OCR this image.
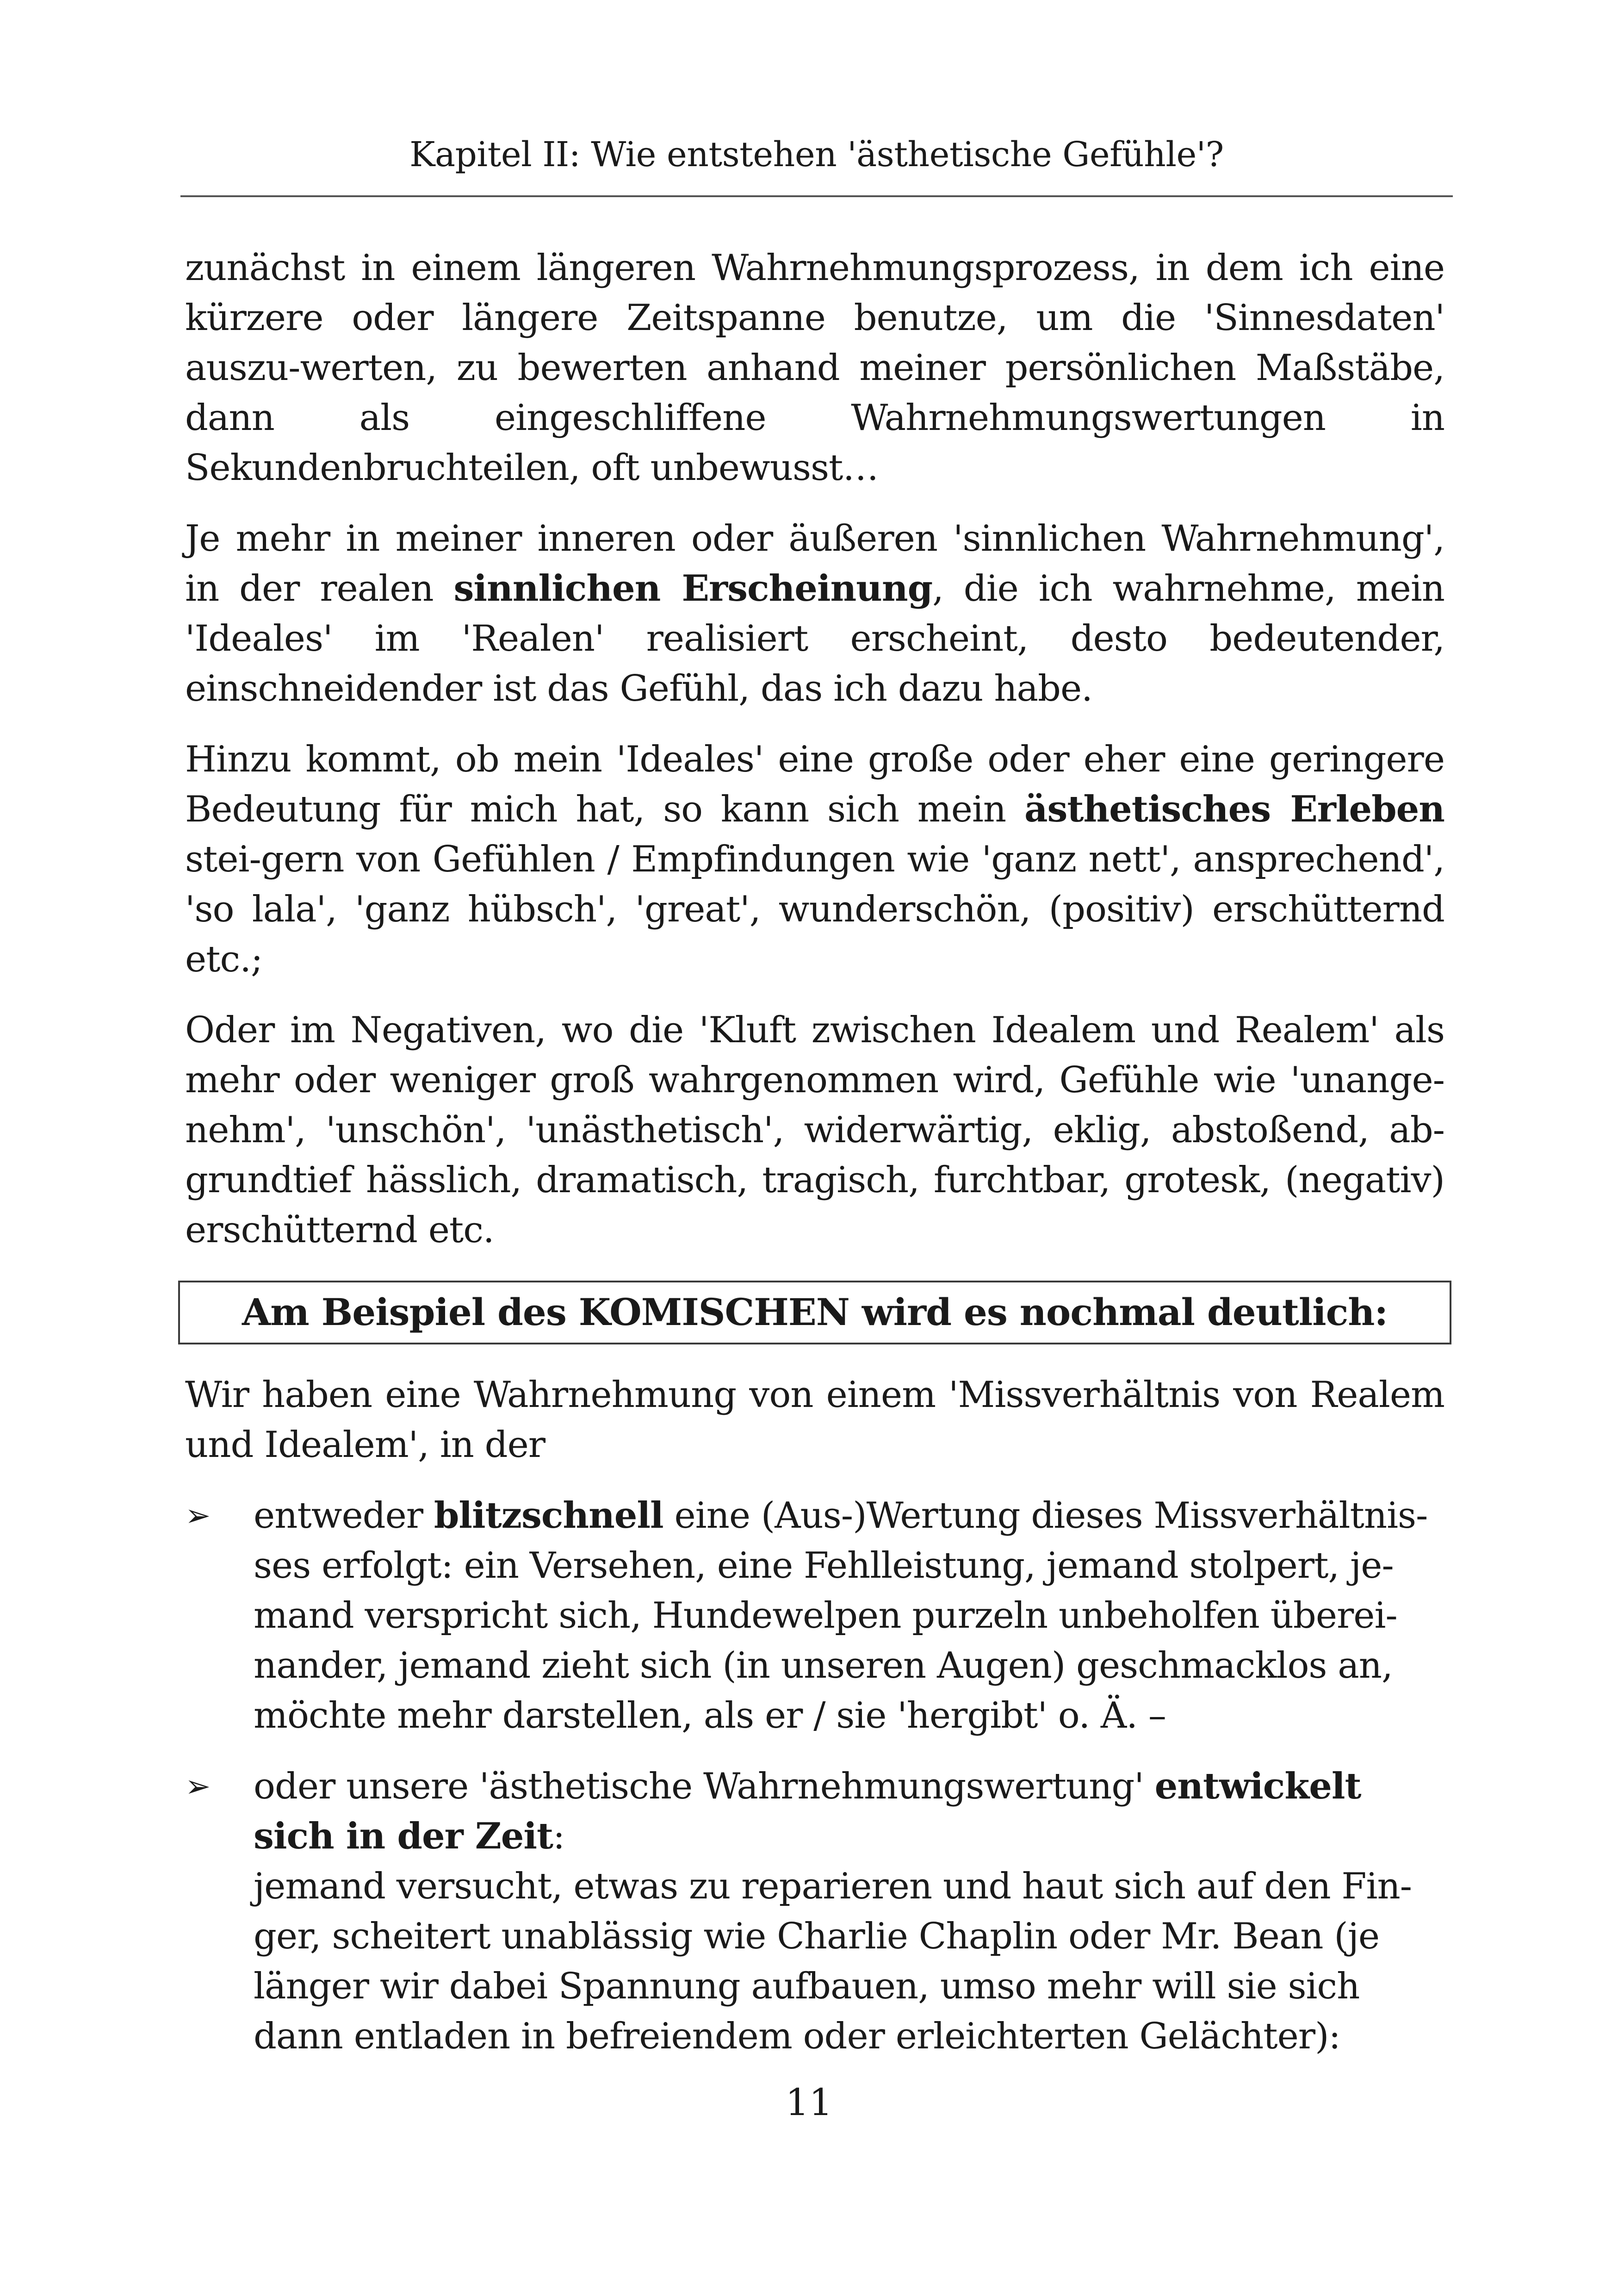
Kapitel II: Wie entstehen 'ästhetische Gefühle'?

zunächst in einem längeren Wahrnehmungsprozess, in dem ich eine kürzere oder längere Zeitspanne benutze, um die 'Sinnesdaten' auszu-werten, zu bewerten anhand meiner persönlichen Maßstäbe, dann als eingeschliffene Wahrnehmungswertungen in Sekundenbruchteilen, oft unbewusst…

Je mehr in meiner inneren oder äußeren 'sinnlichen Wahrnehmung', in der realen sinnlichen Erscheinung, die ich wahrnehme, mein 'Ideales' im 'Realen' realisiert erscheint, desto bedeutender, einschneidender ist das Gefühl, das ich dazu habe.

Hinzu kommt, ob mein 'Ideales' eine große oder eher eine geringere Bedeutung für mich hat, so kann sich mein ästhetisches Erleben stei-gern von Gefühlen / Empfindungen wie 'ganz nett', ansprechend', 'so lala', 'ganz hübsch', 'great', wunderschön, (positiv) erschütternd etc.;

Oder im Negativen, wo die 'Kluft zwischen Idealem und Realem' als mehr oder weniger groß wahrgenommen wird, Gefühle wie 'unange-nehm', 'unschön', 'unästhetisch', widerwärtig, eklig, abstoßend, ab-grundtief hässlich, dramatisch, tragisch, furchtbar, grotesk, (negativ) erschütternd etc.

Am Beispiel des KOMISCHEN wird es nochmal deutlich:

Wir haben eine Wahrnehmung von einem 'Missverhältnis von Realem und Idealem', in der

➢	entweder blitzschnell eine (Aus-)Wertung dieses Missverhältnis-ses erfolgt: ein Versehen, eine Fehlleistung, jemand stolpert, je-mand verspricht sich, Hundewelpen purzeln unbeholfen überei-nander, jemand zieht sich (in unseren Augen) geschmacklos an, möchte mehr darstellen, als er / sie 'hergibt' o. Ä. –
➢	oder unsere 'ästhetische Wahrnehmungswertung' entwickelt sich in der Zeit:
jemand versucht, etwas zu reparieren und haut sich auf den Fin-ger, scheitert unablässig wie Charlie Chaplin oder Mr. Bean (je länger wir dabei Spannung aufbauen, umso mehr will sie sich dann entladen in befreiendem oder erleichterten Gelächter):
11
